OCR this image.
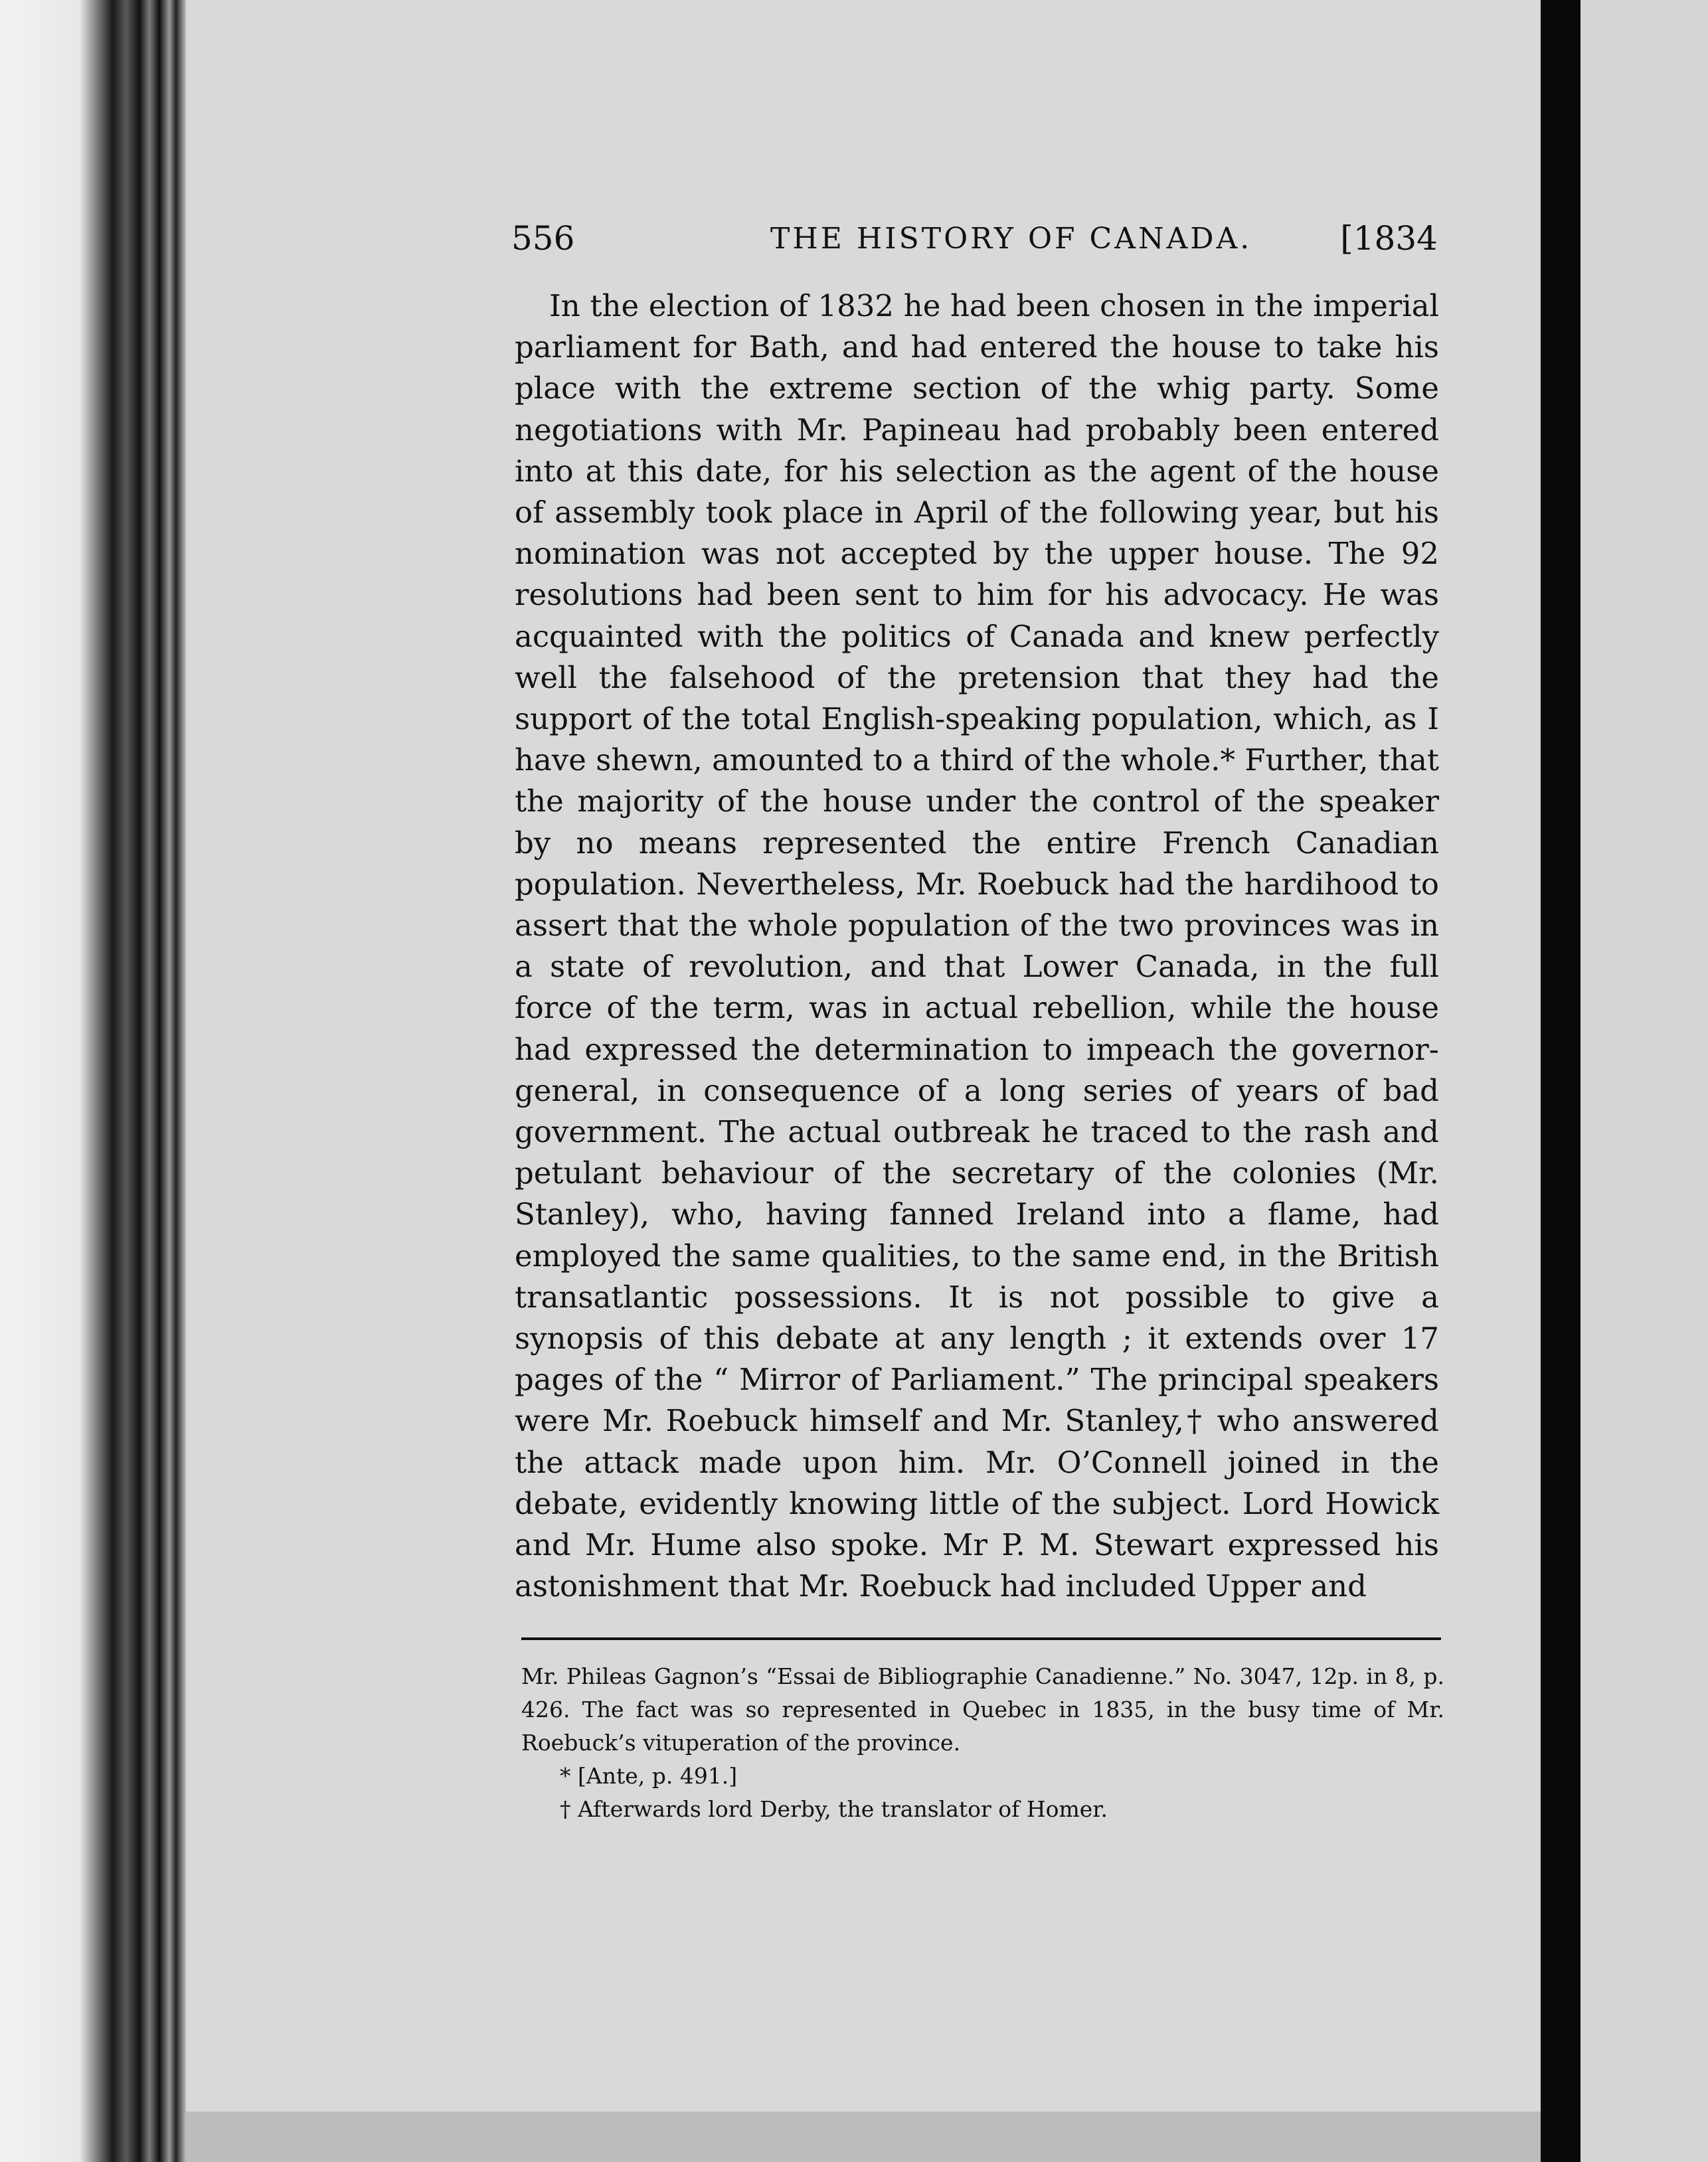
556	THE HISTORY OF CANADA.	[1834

In the election of 1832 he had been chosen in the imperial parliament for Bath, and had entered the house to take his place with the extreme section of the whig party. Some negotiations with Mr. Papineau had probably been entered into at this date, for his selection as the agent of the house of assembly took place in April of the following year, but his nomination was not accepted by the upper house. The 92 resolutions had been sent to him for his advocacy. He was acquainted with the politics of Canada and knew perfectly well the falsehood of the pretension that they had the support of the total English-speaking population, which, as I have shewn, amounted to a third of the whole.* Further, that the majority of the house under the control of the speaker by no means represented the entire French Canadian population. Nevertheless, Mr. Roebuck had the hardihood to assert that the whole population of the two provinces was in a state of revolution, and that Lower Canada, in the full force of the term, was in actual rebellion, while the house had expressed the determination to impeach the governor-general, in consequence of a long series of years of bad government. The actual outbreak he traced to the rash and petulant behaviour of the secretary of the colonies (Mr. Stanley), who, having fanned Ireland into a flame, had employed the same qualities, to the same end, in the British transatlantic possessions. It is not possible to give a synopsis of this debate at any length ; it extends over 17 pages of the “ Mirror of Parliament.” The principal speakers were Mr. Roebuck himself and Mr. Stanley,† who answered the attack made upon him. Mr. O’Connell joined in the debate, evidently knowing little of the subject. Lord Howick and Mr. Hume also spoke. Mr P. M. Stewart expressed his astonishment that Mr. Roebuck had included Upper and

Mr. Phileas Gagnon’s “Essai de Bibliographie Canadienne.” No. 3047, 12p. in 8, p. 426. The fact was so represented in Quebec in 1835, in the busy time of Mr. Roebuck’s vituperation of the province.

* [Ante, p. 491.]

† Afterwards lord Derby, the translator of Homer.
